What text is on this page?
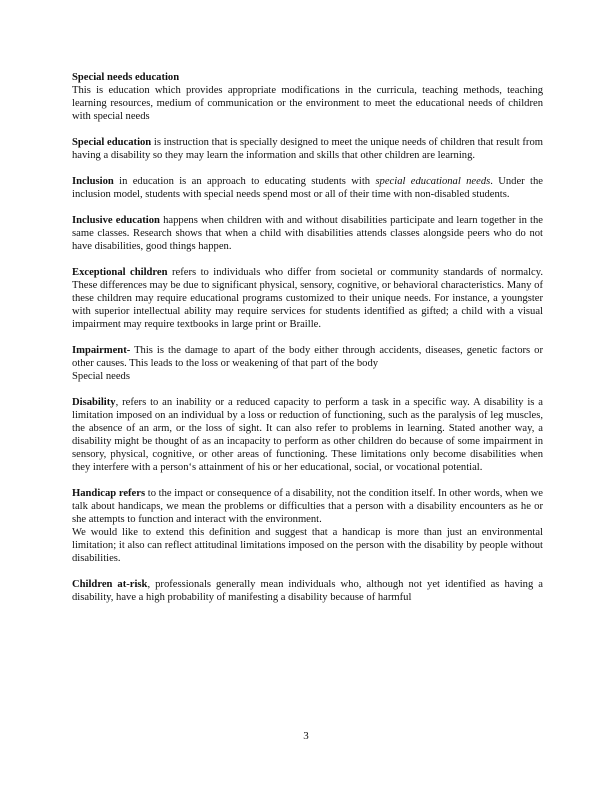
Special needs education

This is education which provides appropriate modifications in the curricula, teaching methods, teaching learning resources, medium of communication or the environment to meet the educational needs of children with special needs

Special education is instruction that is specially designed to meet the unique needs of children that result from having a disability so they may learn the information and skills that other children are learning.

Inclusion in education is an approach to educating students with special educational needs. Under the inclusion model, students with special needs spend most or all of their time with non-disabled students.

Inclusive education happens when children with and without disabilities participate and learn together in the same classes. Research shows that when a child with disabilities attends classes alongside peers who do not have disabilities, good things happen.

Exceptional children refers to individuals who differ from societal or community standards of normalcy. These differences may be due to significant physical, sensory, cognitive, or behavioral characteristics. Many of these children may require educational programs customized to their unique needs. For instance, a youngster with superior intellectual ability may require services for students identified as gifted; a child with a visual impairment may require textbooks in large print or Braille.

Impairment- This is the damage to apart of the body either through accidents, diseases, genetic factors or other causes. This leads to the loss or weakening of that part of the body

Special needs

Disability, refers to an inability or a reduced capacity to perform a task in a specific way. A disability is a limitation imposed on an individual by a loss or reduction of functioning, such as the paralysis of leg muscles, the absence of an arm, or the loss of sight. It can also refer to problems in learning. Stated another way, a disability might be thought of as an incapacity to perform as other children do because of some impairment in sensory, physical, cognitive, or other areas of functioning. These limitations only become disabilities when they interfere with a person‘s attainment of his or her educational, social, or vocational potential.

Handicap refers to the impact or consequence of a disability, not the condition itself. In other words, when we talk about handicaps, we mean the problems or difficulties that a person with a disability encounters as he or she attempts to function and interact with the environment.

We would like to extend this definition and suggest that a handicap is more than just an environmental limitation; it also can reflect attitudinal limitations imposed on the person with the disability by people without disabilities.

Children at-risk, professionals generally mean individuals who, although not yet identified as having a disability, have a high probability of manifesting a disability because of harmful

3
